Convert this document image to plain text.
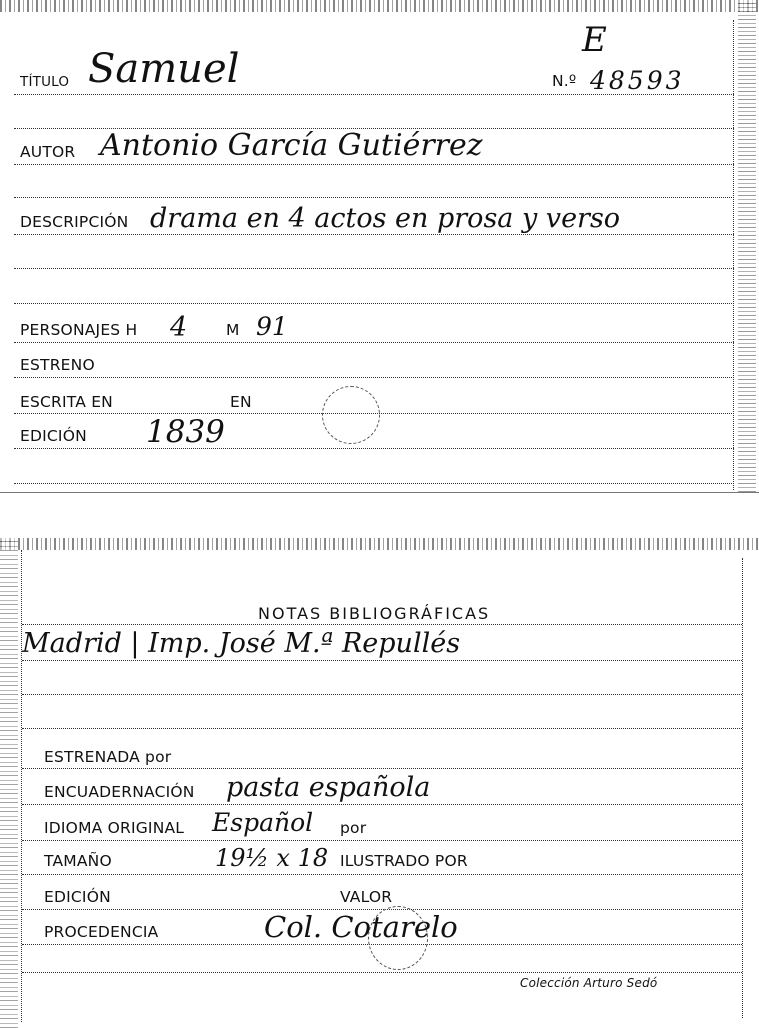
E
TÍTULO Samuel	N.º 48593
AUTOR Antonio García Gutiérrez
DESCRIPCIÓN drama en 4 actos en prosa y verso
PERSONAJES H 4	M 91
ESTRENO
ESCRITA EN	EN
EDICIÓN 1839
NOTAS BIBLIOGRÁFICAS
Madrid | Imp. José M.ª Repullés
ESTRENADA por
ENCUADERNACIÓN pasta española
IDIOMA ORIGINAL Español por
TAMAÑO	19½ x 18 ILUSTRADO POR
EDICIÓN	VALOR
PROCEDENCIA	Col. Cotarelo
Colección Arturo Sedó
